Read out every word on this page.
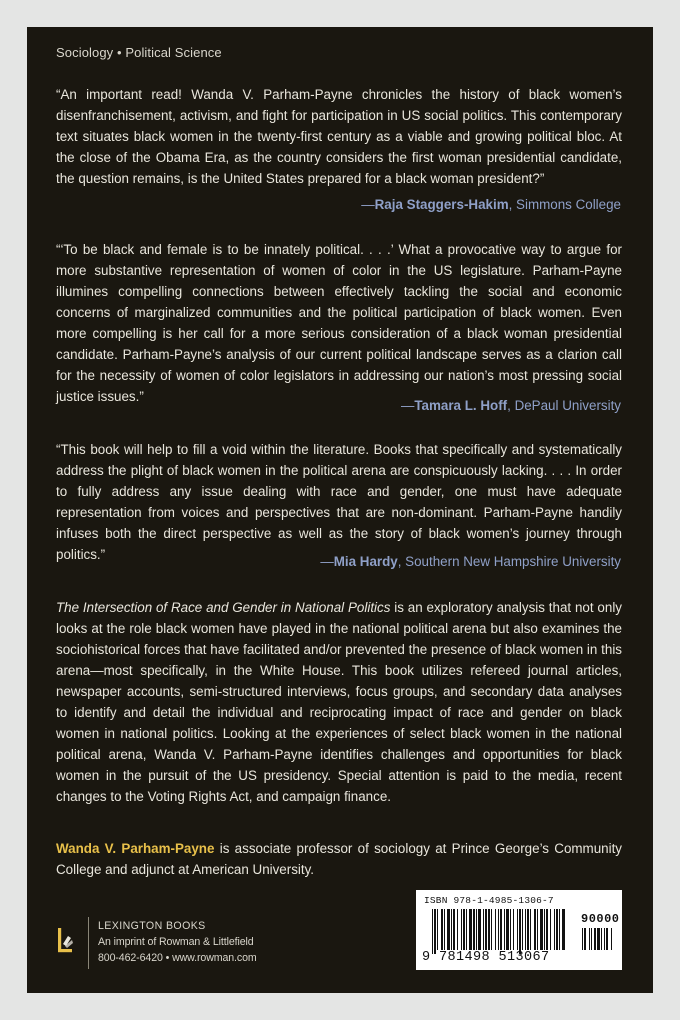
Sociology • Political Science

“An important read! Wanda V. Parham-Payne chronicles the history of black women’s disenfranchisement, activism, and fight for participation in US social politics. This contemporary text situates black women in the twenty-first century as a viable and growing political bloc. At the close of the Obama Era, as the country considers the first woman presidential candidate, the question remains, is the United States prepared for a black woman president?”

—Raja Staggers-Hakim, Simmons College

“‘To be black and female is to be innately political. . . .’ What a provocative way to argue for more substantive representation of women of color in the US legislature. Parham-Payne illumines compelling connections between effectively tackling the social and economic concerns of marginalized communities and the political participation of black women. Even more compelling is her call for a more serious consideration of a black woman presidential candidate. Parham-Payne’s analysis of our current political landscape serves as a clarion call for the necessity of women of color legislators in addressing our nation’s most pressing social justice issues.”

—Tamara L. Hoff, DePaul University

“This book will help to fill a void within the literature. Books that specifically and systematically address the plight of black women in the political arena are conspicuously lacking. . . . In order to fully address any issue dealing with race and gender, one must have adequate representation from voices and perspectives that are non-dominant. Parham-Payne handily infuses both the direct perspective as well as the story of black women’s journey through politics.”	—Mia Hardy, Southern New Hampshire University

The Intersection of Race and Gender in National Politics is an exploratory analysis that not only looks at the role black women have played in the national political arena but also examines the sociohistorical forces that have facilitated and/or prevented the presence of black women in this arena—most specifically, in the White House. This book utilizes refereed journal articles, newspaper accounts, semi-structured interviews, focus groups, and secondary data analyses to identify and detail the individual and reciprocating impact of race and gender on black women in national politics. Looking at the experiences of select black women in the national political arena, Wanda V. Parham-Payne identifies challenges and opportunities for black women in the pursuit of the US presidency. Special attention is paid to the media, recent changes to the Voting Rights Act, and campaign finance.

Wanda V. Parham-Payne is associate professor of sociology at Prince George’s Community College and adjunct at American University.

LEXINGTON BOOKS
An imprint of Rowman & Littlefield
800-462-6420 • www.rowman.com
ISBN 978-1-4985-1306-7
90000
9 781498 513067
